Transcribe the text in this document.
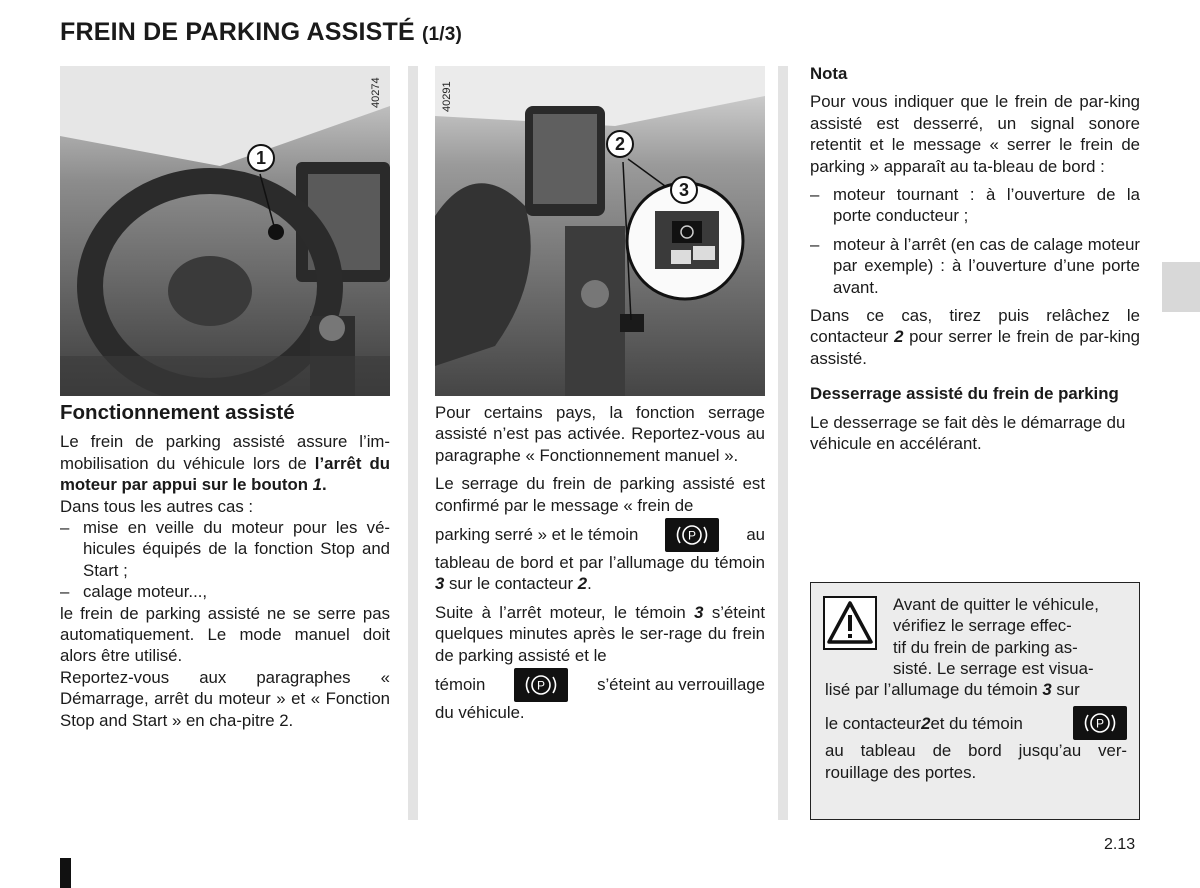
FREIN DE PARKING ASSISTÉ (1/3)
1
40274
2
3
40291
Fonctionnement assisté

Le frein de parking assisté assure l’im-mobilisation du véhicule lors de l’arrêt du moteur par appui sur le bouton 1.

Dans tous les autres cas :

– mise en veille du moteur pour les vé-hicules équipés de la fonction Stop and Start ;
– calage moteur...,

le frein de parking assisté ne se serre pas automatiquement. Le mode manuel doit alors être utilisé.

Reportez-vous aux paragraphes « Démarrage, arrêt du moteur » et « Fonction Stop and Start » en cha-pitre 2.

Pour certains pays, la fonction serrage assisté n’est pas activée. Reportez-vous au paragraphe « Fonctionnement manuel ».

Le serrage du frein de parking assisté est confirmé par le message « frein de

parking serré » et le témoin	P	au

tableau de bord et par l’allumage du témoin 3 sur le contacteur 2.

Suite à l’arrêt moteur, le témoin 3 s’éteint quelques minutes après le ser-rage du frein de parking assisté et le

témoin	P	s’éteint au verrouillage

du véhicule.

Nota

Pour vous indiquer que le frein de par-king assisté est desserré, un signal sonore retentit et le message « serrer le frein de parking » apparaît au ta-bleau de bord :

– moteur tournant : à l’ouverture de la porte conducteur ;
– moteur à l’arrêt (en cas de calage moteur par exemple) : à l’ouverture d’une porte avant.

Dans ce cas, tirez puis relâchez le contacteur 2 pour serrer le frein de par-king assisté.

Desserrage assisté du frein de parking

Le desserrage se fait dès le démarrage du véhicule en accélérant.

Avant de quitter le véhicule,

vérifiez le serrage effec-

tif du frein de parking as-

sisté. Le serrage est visua-

lisé par l’allumage du témoin 3 sur

le contacteur 2 et du témoin	P

au tableau de bord jusqu’au ver-rouillage des portes.

2.13
